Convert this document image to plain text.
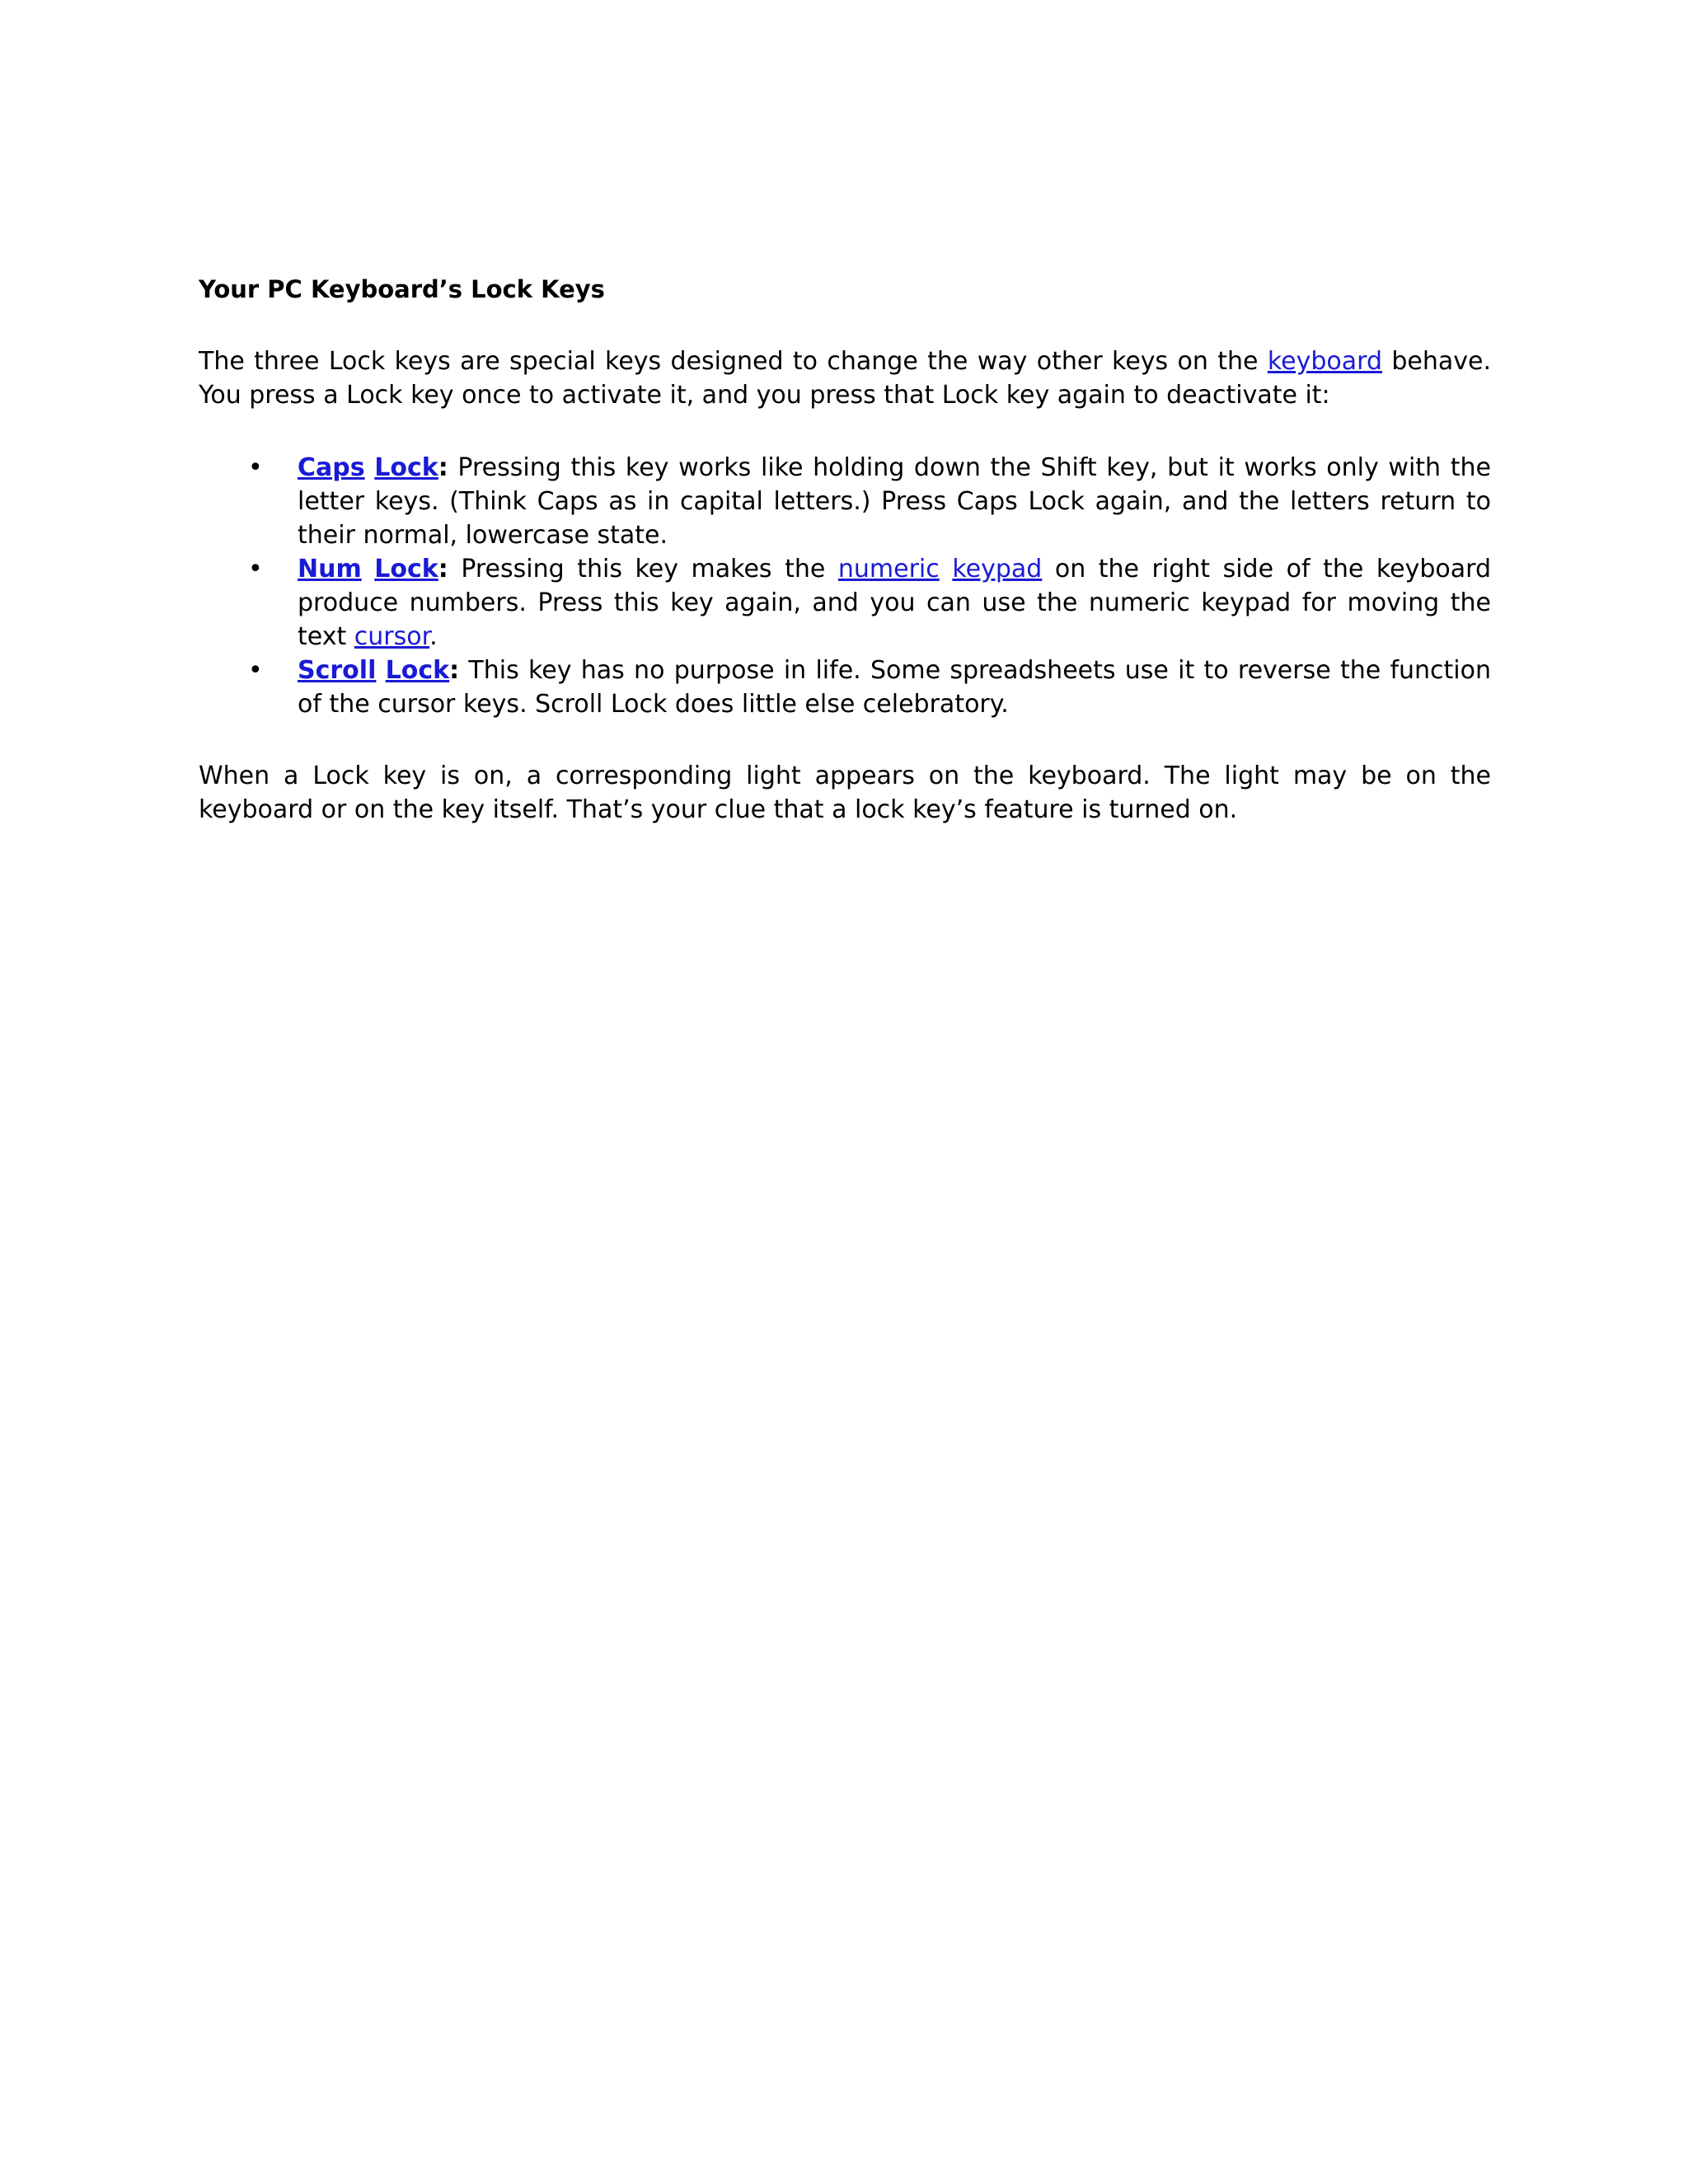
Your PC Keyboard’s Lock Keys

The three Lock keys are special keys designed to change the way other keys on the keyboard behave. You press a Lock key once to activate it, and you press that Lock key again to deactivate it:

• Caps Lock: Pressing this key works like holding down the Shift key, but it works only with the letter keys. (Think Caps as in capital letters.) Press Caps Lock again, and the letters return to their normal, lowercase state.
• Num Lock: Pressing this key makes the numeric keypad on the right side of the keyboard produce numbers. Press this key again, and you can use the numeric keypad for moving the text cursor.
• Scroll Lock: This key has no purpose in life. Some spreadsheets use it to reverse the function of the cursor keys. Scroll Lock does little else celebratory.

When a Lock key is on, a corresponding light appears on the keyboard. The light may be on the keyboard or on the key itself. That’s your clue that a lock key’s feature is turned on.
